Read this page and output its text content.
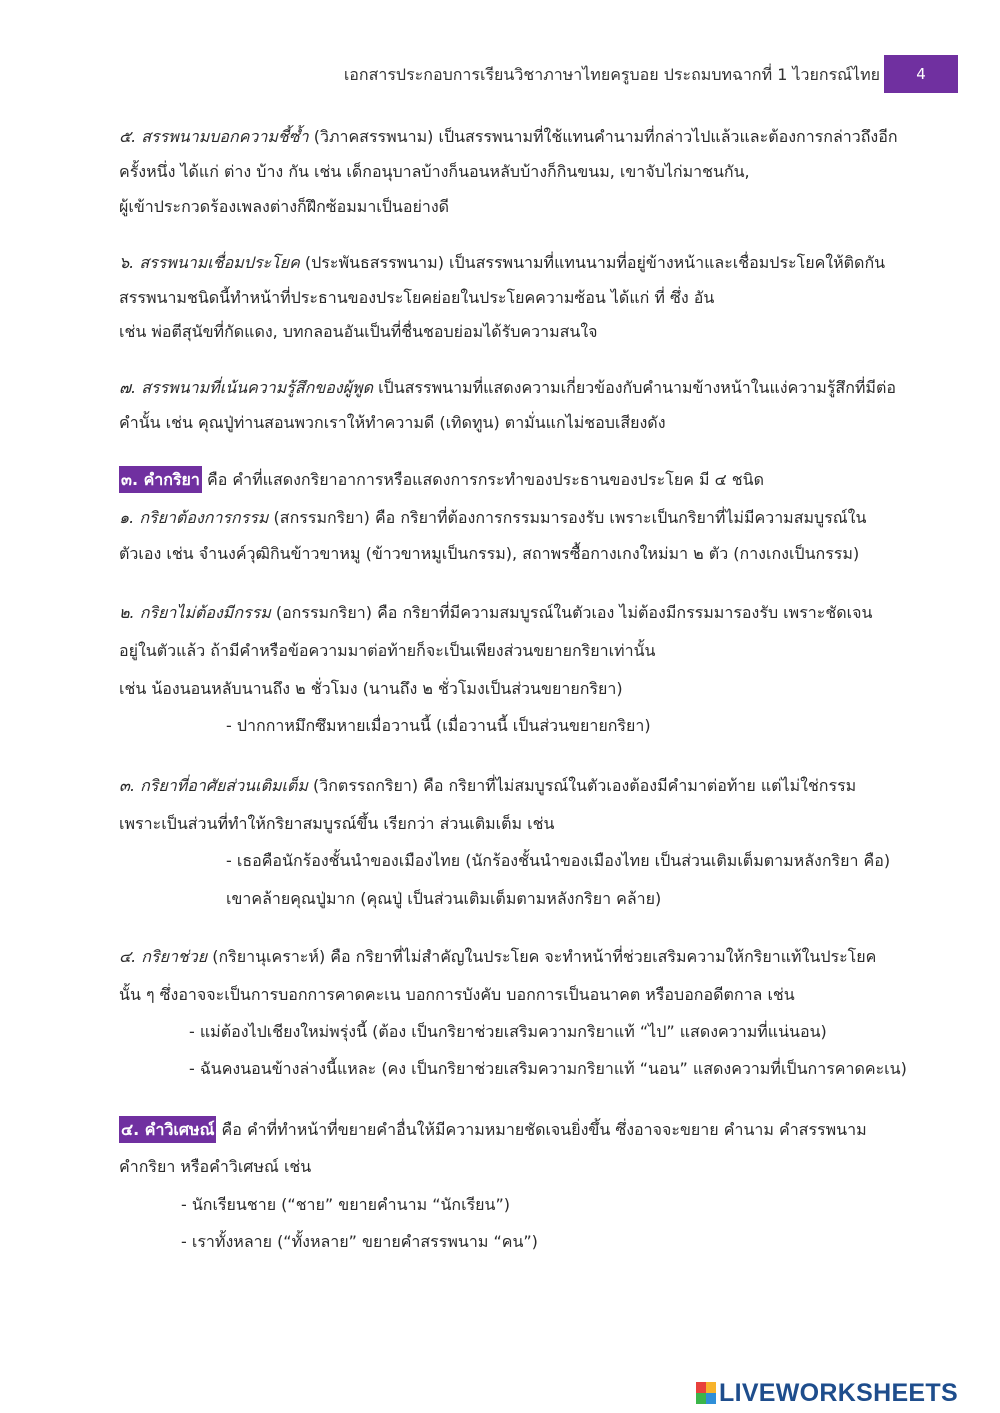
เอกสารประกอบการเรียนวิชาภาษาไทยครูบอย ประถมบทฉากที่ 1 ไวยกรณ์ไทย	4
๕. สรรพนามบอกความชี้ซ้ำ (วิภาคสรรพนาม) เป็นสรรพนามที่ใช้แทนคำนามที่กล่าวไปแล้วและต้องการกล่าวถึงอีก
ครั้งหนึ่ง ได้แก่ ต่าง บ้าง กัน เช่น เด็กอนุบาลบ้างก็นอนหลับบ้างก็กินขนม, เขาจับไก่มาชนกัน,
ผู้เข้าประกวดร้องเพลงต่างก็ฝึกซ้อมมาเป็นอย่างดี
๖. สรรพนามเชื่อมประโยค (ประพันธสรรพนาม) เป็นสรรพนามที่แทนนามที่อยู่ข้างหน้าและเชื่อมประโยคให้ติดกัน
สรรพนามชนิดนี้ทำหน้าที่ประธานของประโยคย่อยในประโยคความซ้อน ได้แก่ ที่ ซึ่ง อัน
เช่น พ่อตีสุนัขที่กัดแดง, บทกลอนอันเป็นที่ชื่นชอบย่อมได้รับความสนใจ
๗. สรรพนามที่เน้นความรู้สึกของผู้พูด เป็นสรรพนามที่แสดงความเกี่ยวข้องกับคำนามข้างหน้าในแง่ความรู้สึกที่มีต่อ
คำนั้น เช่น คุณปู่ท่านสอนพวกเราให้ทำความดี (เทิดทูน) ตามั่นแกไม่ชอบเสียงดัง
๓. คำกริยา คือ คำที่แสดงกริยาอาการหรือแสดงการกระทำของประธานของประโยค มี ๔ ชนิด
๑. กริยาต้องการกรรม (สกรรมกริยา) คือ กริยาที่ต้องการกรรมมารองรับ เพราะเป็นกริยาที่ไม่มีความสมบูรณ์ใน
ตัวเอง เช่น จำนงค์วุฒิกินข้าวขาหมู (ข้าวขาหมูเป็นกรรม), สถาพรซื้อกางเกงใหม่มา ๒ ตัว (กางเกงเป็นกรรม)
๒. กริยาไม่ต้องมีกรรม (อกรรมกริยา) คือ กริยาที่มีความสมบูรณ์ในตัวเอง ไม่ต้องมีกรรมมารองรับ เพราะชัดเจน
อยู่ในตัวแล้ว ถ้ามีคำหรือข้อความมาต่อท้ายก็จะเป็นเพียงส่วนขยายกริยาเท่านั้น
เช่น น้องนอนหลับนานถึง ๒ ชั่วโมง (นานถึง ๒ ชั่วโมงเป็นส่วนขยายกริยา)
- ปากกาหมึกซึมหายเมื่อวานนี้ (เมื่อวานนี้ เป็นส่วนขยายกริยา)
๓. กริยาที่อาศัยส่วนเติมเต็ม (วิกตรรถกริยา) คือ กริยาที่ไม่สมบูรณ์ในตัวเองต้องมีคำมาต่อท้าย แต่ไม่ใช่กรรม
เพราะเป็นส่วนที่ทำให้กริยาสมบูรณ์ขึ้น เรียกว่า ส่วนเติมเต็ม เช่น
- เธอคือนักร้องชั้นนำของเมืองไทย (นักร้องชั้นนำของเมืองไทย เป็นส่วนเติมเต็มตามหลังกริยา คือ)
เขาคล้ายคุณปู่มาก (คุณปู่ เป็นส่วนเติมเต็มตามหลังกริยา คล้าย)
๔. กริยาช่วย (กริยานุเคราะห์) คือ กริยาที่ไม่สำคัญในประโยค จะทำหน้าที่ช่วยเสริมความให้กริยาแท้ในประโยค
นั้น ๆ ซึ่งอาจจะเป็นการบอกการคาดคะเน บอกการบังคับ บอกการเป็นอนาคต หรือบอกอดีตกาล เช่น
- แม่ต้องไปเชียงใหม่พรุ่งนี้ (ต้อง เป็นกริยาช่วยเสริมความกริยาแท้ “ไป” แสดงความที่แน่นอน)
- ฉันคงนอนข้างล่างนี้แหละ (คง เป็นกริยาช่วยเสริมความกริยาแท้ “นอน” แสดงความที่เป็นการคาดคะเน)
๔. คำวิเศษณ์ คือ คำที่ทำหน้าที่ขยายคำอื่นให้มีความหมายชัดเจนยิ่งขึ้น ซึ่งอาจจะขยาย คำนาม คำสรรพนาม
คำกริยา หรือคำวิเศษณ์ เช่น
- นักเรียนชาย (“ชาย” ขยายคำนาม “นักเรียน”)
- เราทั้งหลาย (“ทั้งหลาย” ขยายคำสรรพนาม “คน”)
LIVEWORKSHEETS
